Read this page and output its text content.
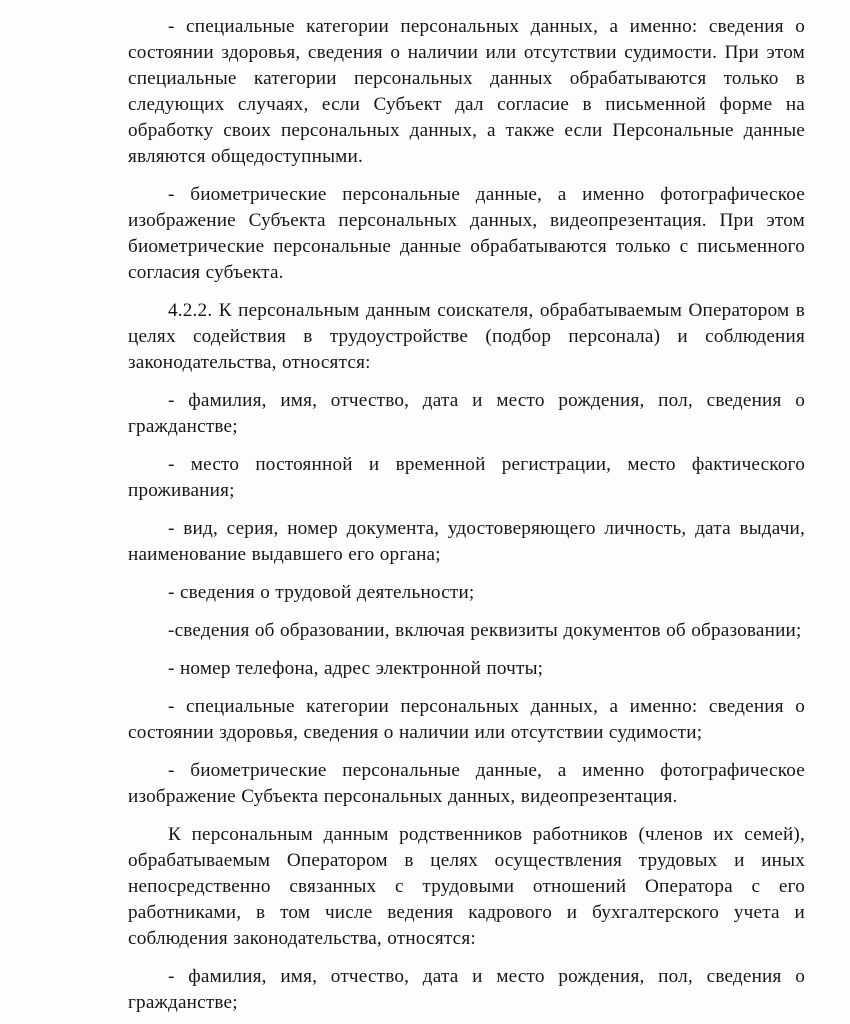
- специальные категории персональных данных, а именно: сведения о состоянии здоровья, сведения о наличии или отсутствии судимости. При этом специальные категории персональных данных обрабатываются только в следующих случаях, если Субъект дал согласие в письменной форме на обработку своих персональных данных, а также если Персональные данные являются общедоступными.

- биометрические персональные данные, а именно фотографическое изображение Субъекта персональных данных, видеопрезентация. При этом биометрические персональные данные обрабатываются только с письменного согласия субъекта.

4.2.2. К персональным данным соискателя, обрабатываемым Оператором в целях содействия в трудоустройстве (подбор персонала) и соблюдения законодательства, относятся:

- фамилия, имя, отчество, дата и место рождения, пол, сведения о гражданстве;

- место постоянной и временной регистрации, место фактического проживания;

- вид, серия, номер документа, удостоверяющего личность, дата выдачи, наименование выдавшего его органа;

- сведения о трудовой деятельности;

-сведения об образовании, включая реквизиты документов об образовании;

- номер телефона, адрес электронной почты;

- специальные категории персональных данных, а именно: сведения о состоянии здоровья, сведения о наличии или отсутствии судимости;

- биометрические персональные данные, а именно фотографическое изображение Субъекта персональных данных, видеопрезентация.

К персональным данным родственников работников (членов их семей), обрабатываемым Оператором в целях осуществления трудовых и иных непосредственно связанных с трудовыми отношений Оператора с его работниками, в том числе ведения кадрового и бухгалтерского учета и соблюдения законодательства, относятся:

- фамилия, имя, отчество, дата и место рождения, пол, сведения о гражданстве;
